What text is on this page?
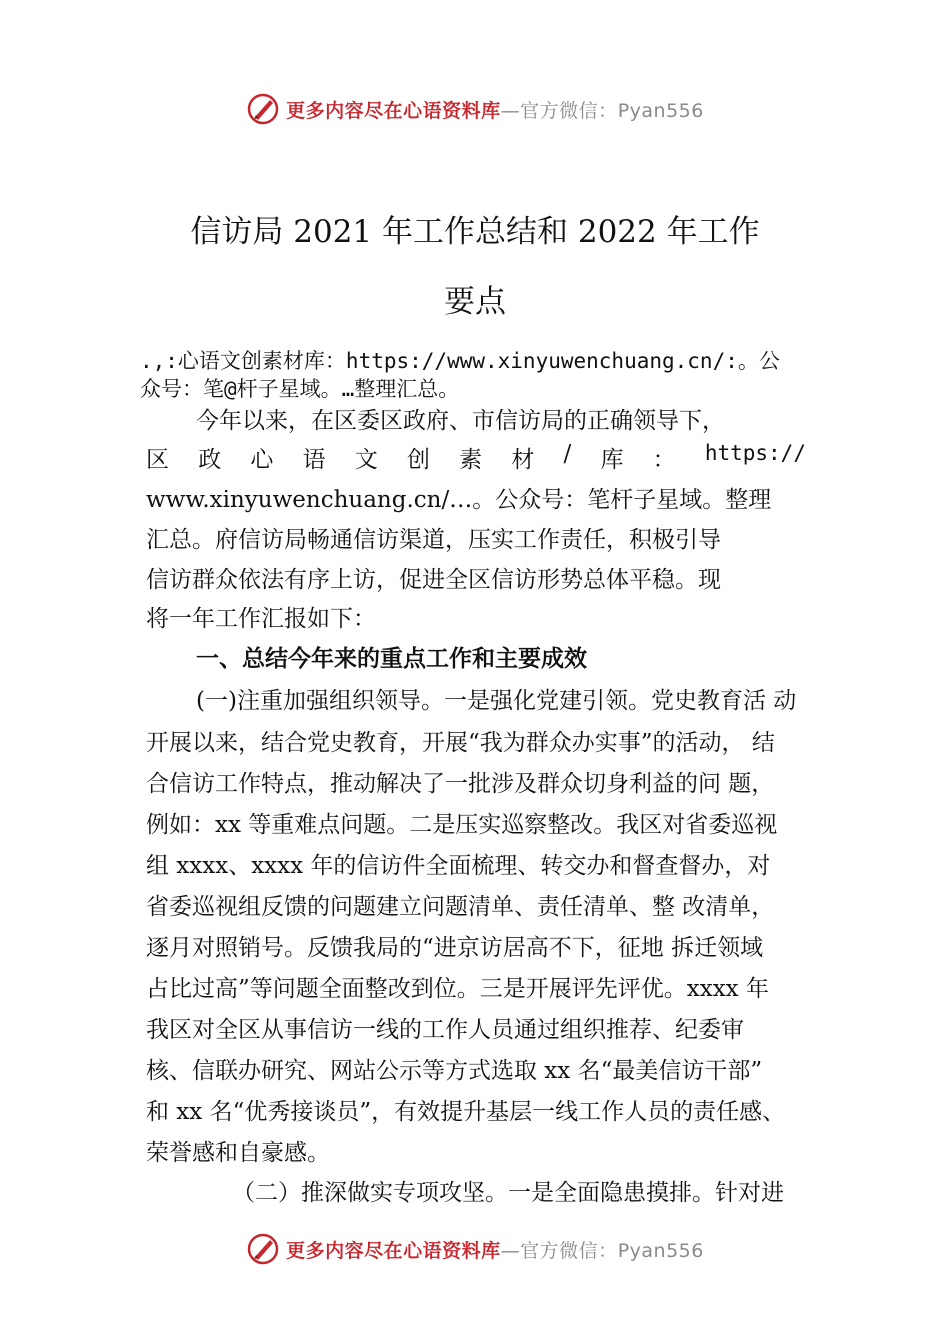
更多内容尽在心语资料库—官方微信：Pyan556
信访局 2021 年工作总结和 2022 年工作
要点
.,:心语文创素材库：https://www.xinyuwenchuang.cn/:。公
众号：笔@杆子星域。…整理汇总。
今年以来，在区委区政府、市信访局的正确领导下，
区 政 心 语 文 创 素 材 / 库 ： https://
www.xinyuwenchuang.cn/…。公众号：笔杆子星域。整理
汇总。府信访局畅通信访渠道，压实工作责任，积极引导
信访群众依法有序上访，促进全区信访形势总体平稳。现
将一年工作汇报如下：
一、总结今年来的重点工作和主要成效
(一)注重加强组织领导。一是强化党建引领。党史教育活 动
开展以来，结合党史教育，开展“我为群众办实事”的活动， 结
合信访工作特点，推动解决了一批涉及群众切身利益的问 题，
例如：xx 等重难点问题。二是压实巡察整改。我区对省委巡视
组 xxxx、xxxx 年的信访件全面梳理、转交办和督查督办，对
省委巡视组反馈的问题建立问题清单、责任清单、整 改清单，
逐月对照销号。反馈我局的“进京访居高不下，征地 拆迁领域
占比过高”等问题全面整改到位。三是开展评先评优。xxxx 年
我区对全区从事信访一线的工作人员通过组织推荐、纪委审
核、信联办研究、网站公示等方式选取 xx 名“最美信访干部”
和 xx 名“优秀接谈员”，有效提升基层一线工作人员的责任感、
荣誉感和自豪感。
（二）推深做实专项攻坚。一是全面隐患摸排。针对进
更多内容尽在心语资料库—官方微信：Pyan556
